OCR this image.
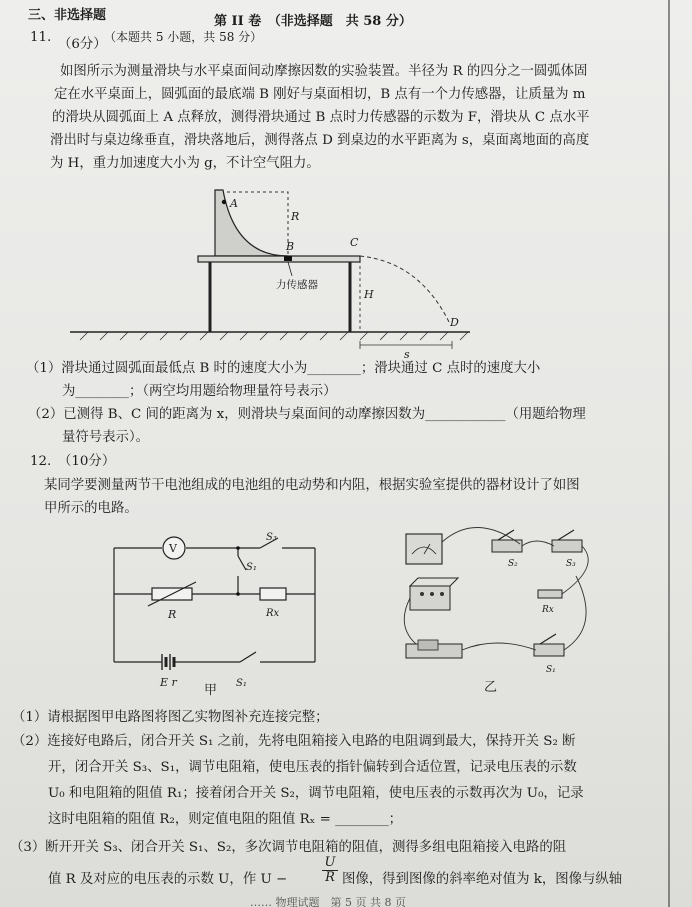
三、非选择题	第 II 卷　（非选择题　共 58 分）
（本题共 5 小题，共 58 分）
11. （6分）
如图所示为测量滑块与水平桌面间动摩擦因数的实验装置。半径为 R 的四分之一圆弧体固
定在水平桌面上，圆弧面的最底端 B 刚好与桌面相切，B 点有一个力传感器，让质量为 m
的滑块从圆弧面上 A 点释放，测得滑块通过 B 点时力传感器的示数为 F，滑块从 C 点水平
滑出时与桌边缘垂直，滑块落地后，测得落点 D 到桌边的水平距离为 s，桌面离地面的高度
为 H，重力加速度大小为 g，不计空气阻力。
A
R
B	C
H
D
s
力传感器
（1）滑块通过圆弧面最低点 B 时的速度大小为________；滑块通过 C 点时的速度大小
为________；（两空均用题给物理量符号表示）
（2）已测得 B、C 间的距离为 x，则滑块与桌面间的动摩擦因数为____________（用题给物理
量符号表示）。
12. （10分）
某同学要测量两节干电池组成的电池组的电动势和内阻，根据实验室提供的器材设计了如图
甲所示的电路。
V
S₃
S₁
R	Rx
E r	S₁
甲
S₂	S₃
Rx
S₁
乙
（1）请根据图甲电路图将图乙实物图补充连接完整；
（2）连接好电路后，闭合开关 S₁ 之前，先将电阻箱接入电路的电阻调到最大，保持开关 S₂ 断
开，闭合开关 S₃、S₁，调节电阻箱，使电压表的指针偏转到合适位置，记录电压表的示数
U₀ 和电阻箱的阻值 R₁；接着闭合开关 S₂，调节电阻箱，使电压表的示数再次为 U₀，记录
这时电阻箱的阻值 R₂，则定值电阻的阻值 Rₓ = ________；
（3）断开开关 S₃、闭合开关 S₁、S₂，多次调节电阻箱的阻值，测得多组电阻箱接入电路的阻
值 R 及对应的电压表的示数 U，作 U −	$\frac{U}{R}$ 图像，得到图像的斜率绝对值为 k，图像与纵轴
…… 物理试题　第 5 页 共 8 页
